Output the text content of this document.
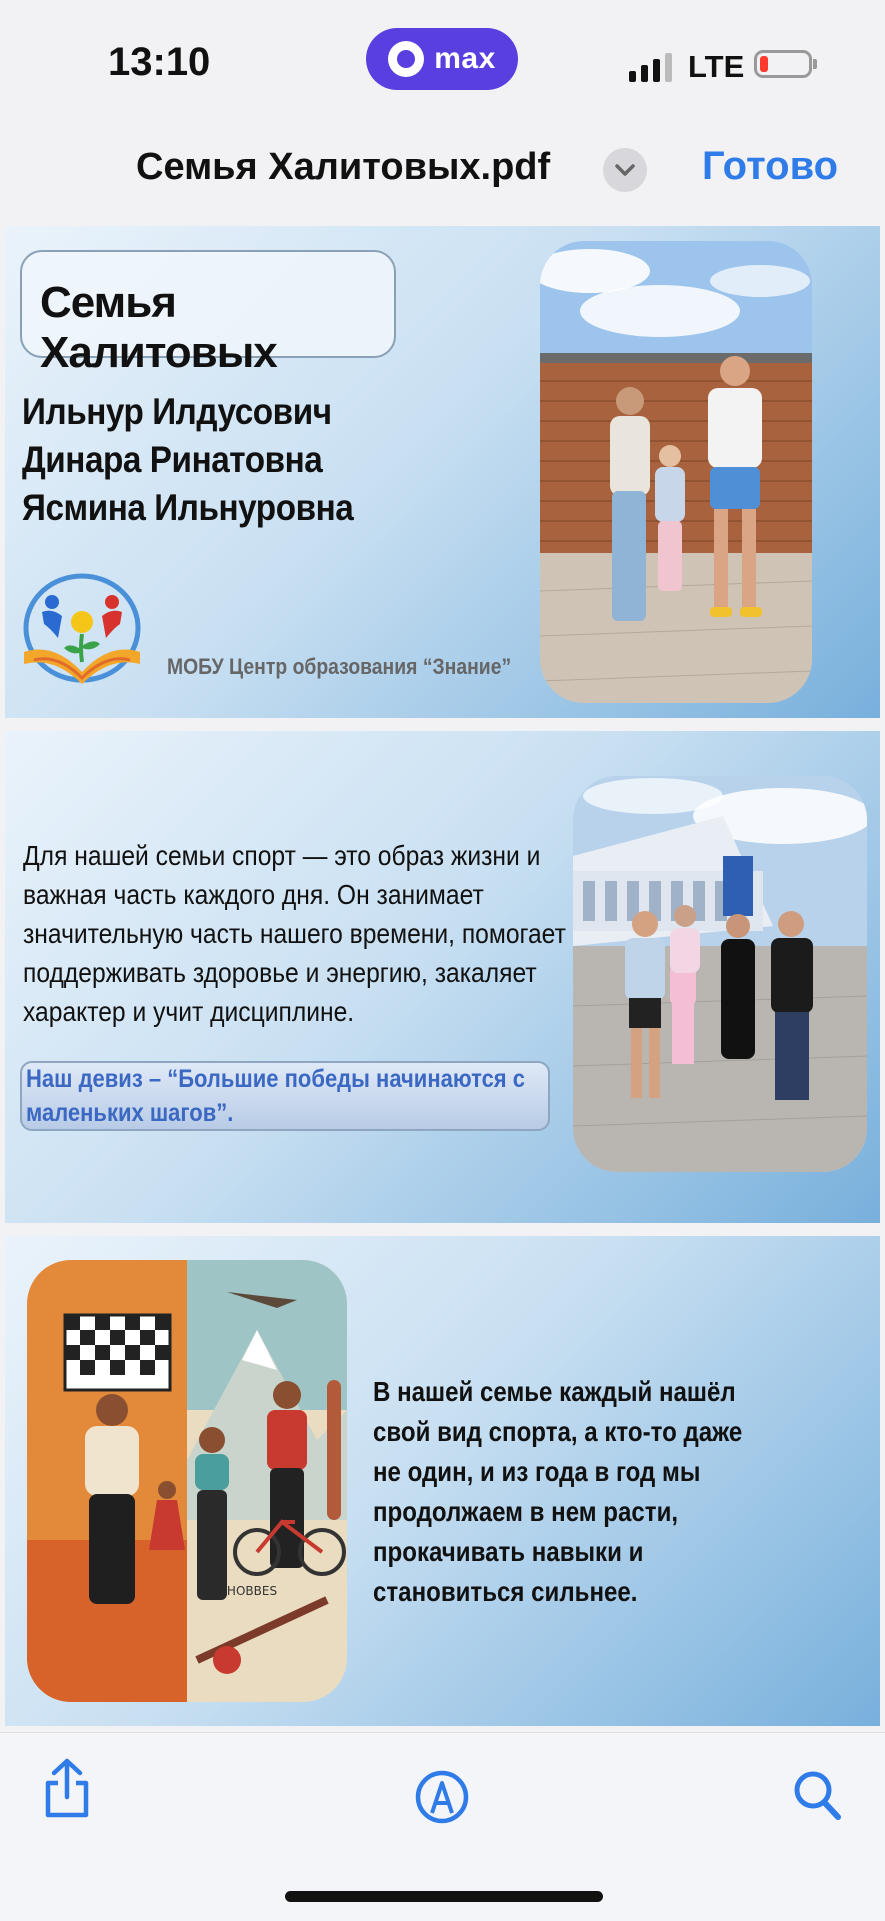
13:10	max	LTE
Семья Халитовых.pdf	Готово
Семья Халитовых
Ильнур Илдусович
Динара Ринатовна
Ясмина Ильнуровна
МОБУ Центр образования “Знание”
Для нашей семьи спорт — это образ жизни и
важная часть каждого дня. Он занимает
значительную часть нашего времени, помогает
поддерживать здоровье и энергию, закаляет
характер и учит дисциплине.
Наш девиз – “Большие победы начинаются с
маленьких шагов”.
HOBBES
В нашей семье каждый нашёл
свой вид спорта, а кто-то даже
не один, и из года в год мы
продолжаем в нем расти,
прокачивать навыки и
становиться сильнее.
